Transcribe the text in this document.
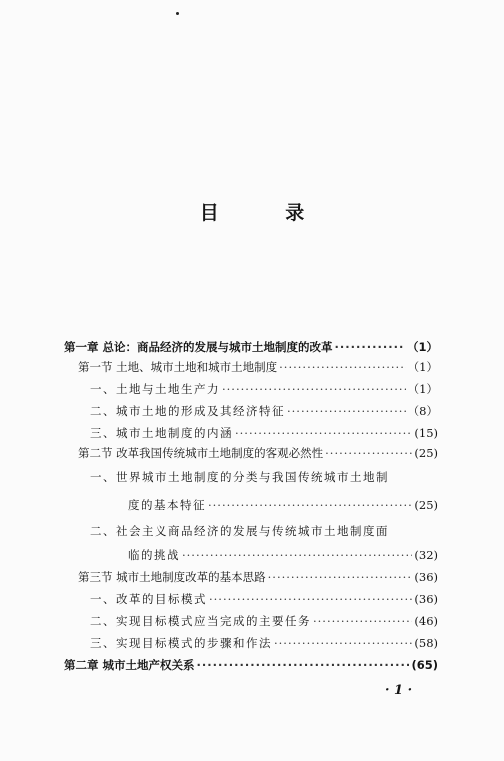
目 录
第一章 总论：商品经济的发展与城市土地制度的改革 ·····	（1）
第一节 土地、城市土地和城市土地制度 ·····	（1）
一、土地与土地生产力 ·····	（1）
二、城市土地的形成及其经济特征 ·····	（8）
三、城市土地制度的内涵 ·····	(15)
第二节 改革我国传统城市土地制度的客观必然性 ·····	(25)
一、世界城市土地制度的分类与我国传统城市土地制
度的基本特征 ·····	(25)
二、社会主义商品经济的发展与传统城市土地制度面
临的挑战 ·····	(32)
第三节 城市土地制度改革的基本思路 ·····	(36)
一、改革的目标模式 ·····	(36)
二、实现目标模式应当完成的主要任务 ·····	(46)
三、实现目标模式的步骤和作法 ·····	(58)
第二章 城市土地产权关系 ·····	(65)
· 1 ·
